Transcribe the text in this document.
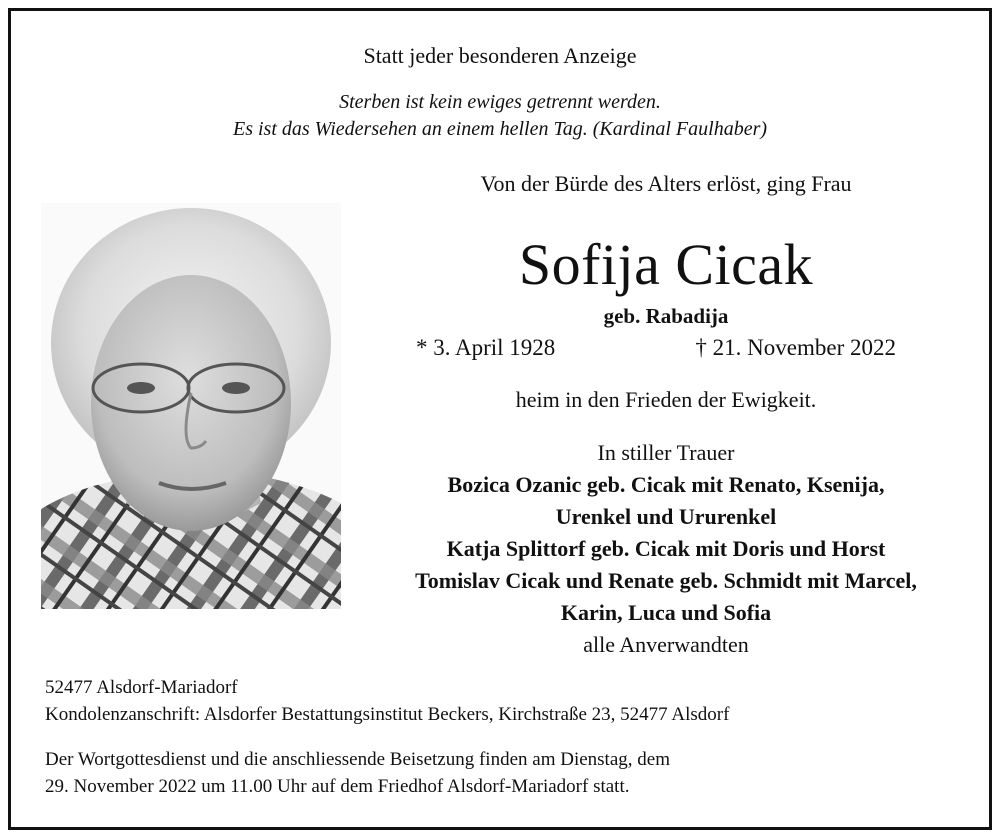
Statt jeder besonderen Anzeige
Sterben ist kein ewiges getrennt werden.
Es ist das Wiedersehen an einem hellen Tag. (Kardinal Faulhaber)
Von der Bürde des Alters erlöst, ging Frau
Sofija Cicak
geb. Rabadija
* 3. April 1928	† 21. November 2022
heim in den Frieden der Ewigkeit.
In stiller Trauer
Bozica Ozanic geb. Cicak mit Renato, Ksenija,
Urenkel und Ururenkel
Katja Splittorf geb. Cicak mit Doris und Horst
Tomislav Cicak und Renate geb. Schmidt mit Marcel,
Karin, Luca und Sofia
alle Anverwandten
52477 Alsdorf-Mariadorf
Kondolenzanschrift: Alsdorfer Bestattungsinstitut Beckers, Kirchstraße 23, 52477 Alsdorf
Der Wortgottesdienst und die anschliessende Beisetzung finden am Dienstag, dem
29. November 2022 um 11.00 Uhr auf dem Friedhof Alsdorf-Mariadorf statt.
